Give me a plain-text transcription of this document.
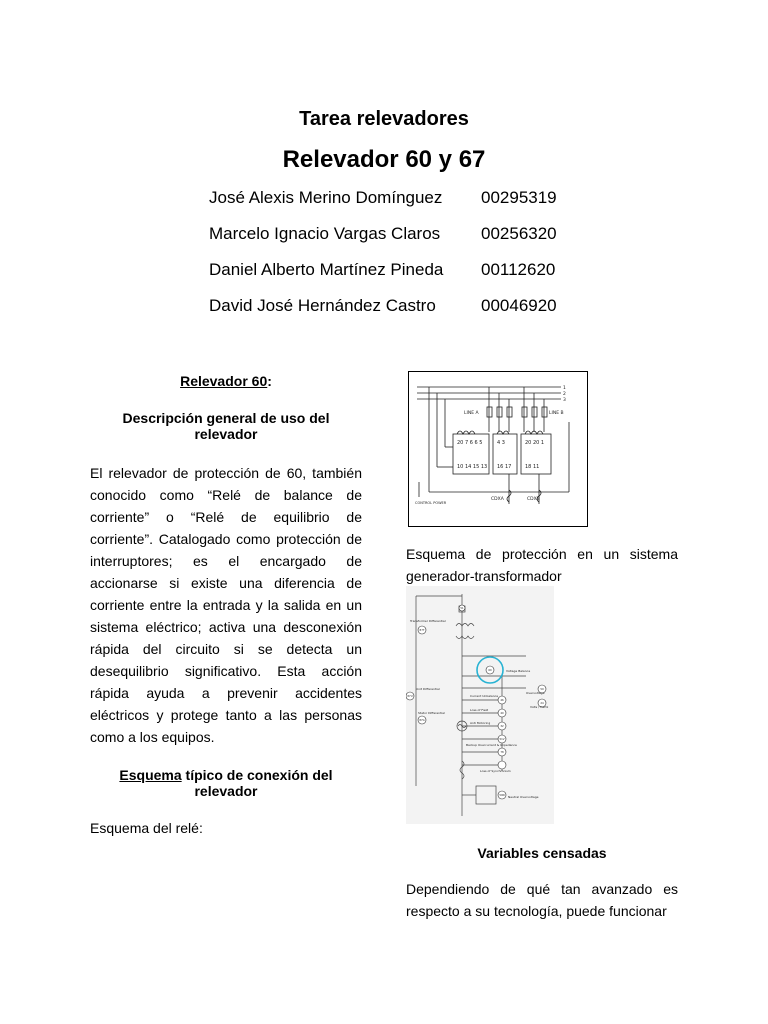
Tarea relevadores
Relevador 60 y 67
José Alexis Merino Domínguez	00295319
Marcelo Ignacio Vargas Claros	00256320
Daniel Alberto Martínez Pineda	00112620
David José Hernández Castro	00046920
Relevador 60:
Descripción general de uso del relevador
El relevador de protección de 60, también conocido como “Relé de balance de corriente” o “Relé de equilibrio de corriente”. Catalogado como protección de interruptores; es el encargado de accionarse si existe una diferencia de corriente entre la entrada y la salida en un sistema eléctrico; activa una desconexión rápida del circuito si se detecta un desequilibrio significativo. Esta acción rápida ayuda a prevenir accidentes eléctricos y protege tanto a las personas como a los equipos.
Esquema típico de conexión del relevador
Esquema del relé:
20 7 6 6 5	4 3	20 20 1
10 14 15 13 16 17	18 11
1
2
3
LINE A	LINE B
CONTROL POWER
CDXA	CDXB
Esquema de protección en un sistema generador-transformador
87T
87U
87G
60
59
24
46
40
32
51V
78
59N
51
Transformer Differential
Unit Differential
Stator Differential
Voltage Balance
Overvoltage
Volts / Hertz
Current Unbalance
Loss of Field
Anti Motoring
Backup Overcurrent & Impedance
Loss of Synchronism
Neutral Overvoltage
Variables censadas
Dependiendo de qué tan avanzado es respecto a su tecnología, puede funcionar
